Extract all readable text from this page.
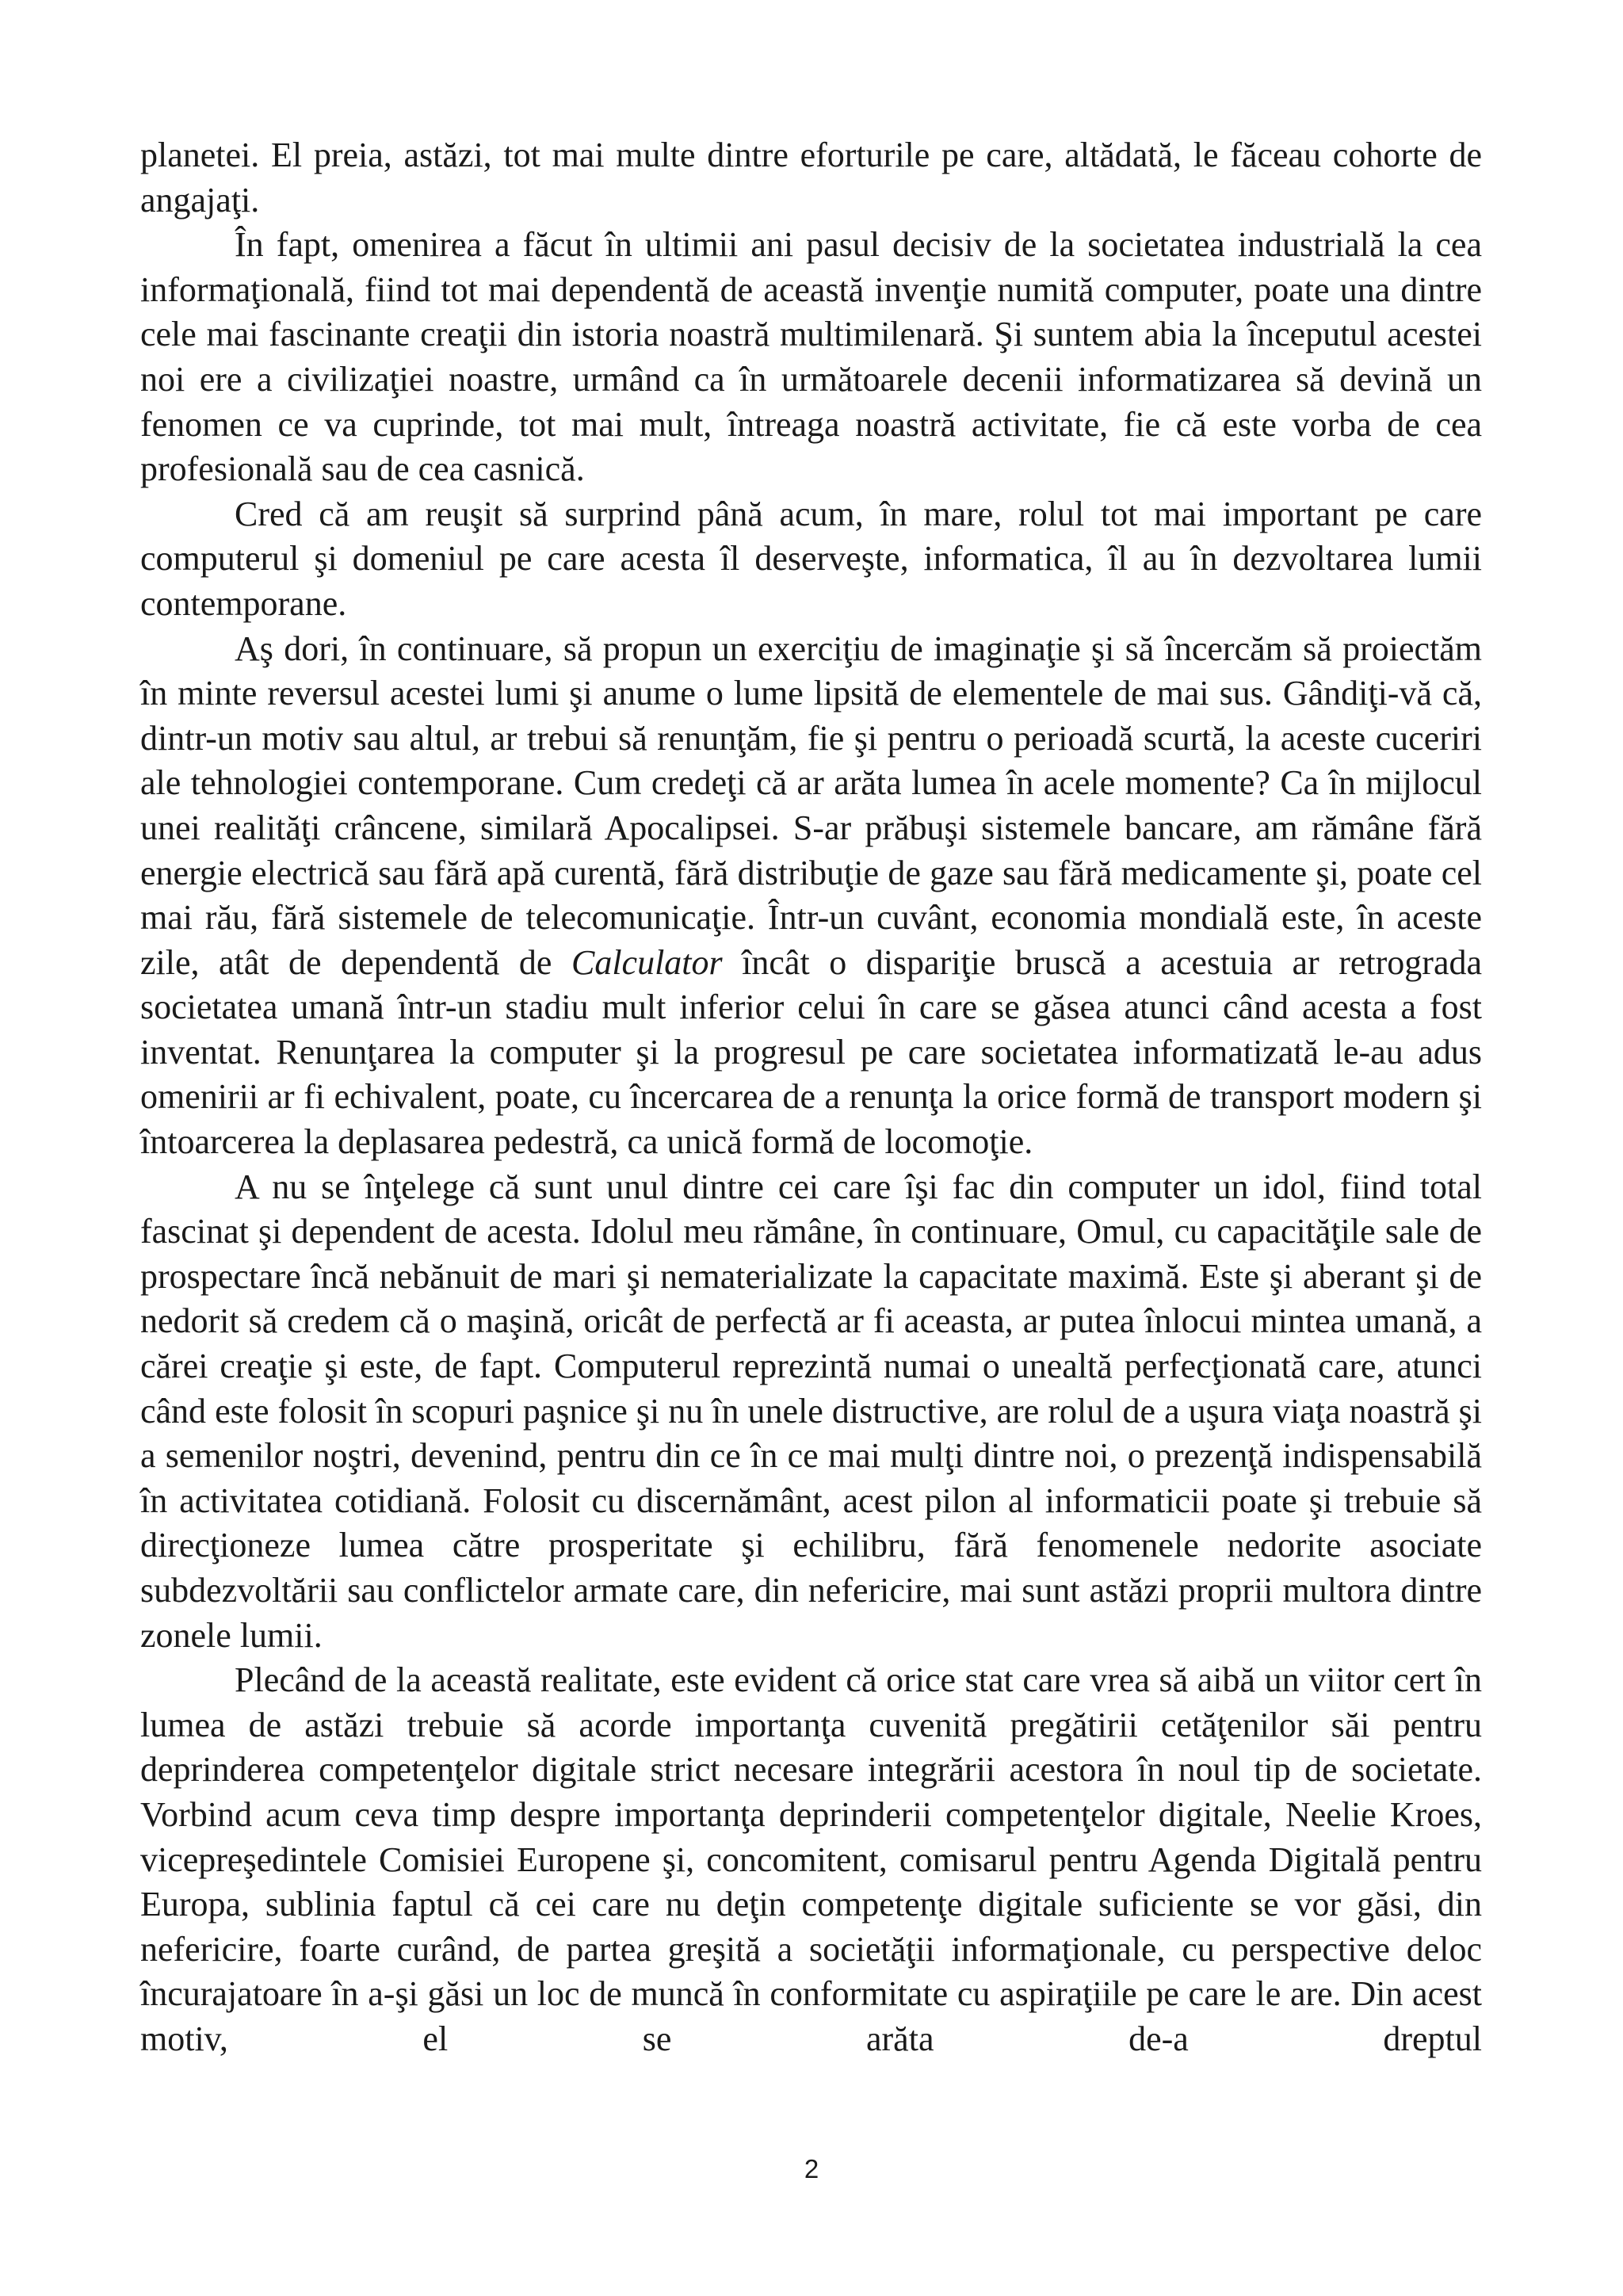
planetei. El preia, astăzi, tot mai multe dintre eforturile pe care, altădată, le făceau cohorte de angajaţi.

În fapt, omenirea a făcut în ultimii ani pasul decisiv de la societatea industrială la cea informaţională, fiind tot mai dependentă de această invenţie numită computer, poate una dintre cele mai fascinante creaţii din istoria noastră multimilenară. Şi suntem abia la începutul acestei noi ere a civilizaţiei noastre, urmând ca în următoarele decenii informatizarea să devină un fenomen ce va cuprinde, tot mai mult, întreaga noastră activitate, fie că este vorba de cea profesională sau de cea casnică.

Cred că am reuşit să surprind până acum, în mare, rolul tot mai important pe care computerul şi domeniul pe care acesta îl deserveşte, informatica, îl au în dezvoltarea lumii contemporane.

Aş dori, în continuare, să propun un exerciţiu de imaginaţie şi să încercăm să proiectăm în minte reversul acestei lumi şi anume o lume lipsită de elementele de mai sus. Gândiţi-vă că, dintr-un motiv sau altul, ar trebui să renunţăm, fie şi pentru o perioadă scurtă, la aceste cuceriri ale tehnologiei contemporane. Cum credeţi că ar arăta lumea în acele momente? Ca în mijlocul unei realităţi crâncene, similară Apocalipsei. S-ar prăbuşi sistemele bancare, am rămâne fără energie electrică sau fără apă curentă, fără distribuţie de gaze sau fără medicamente şi, poate cel mai rău, fără sistemele de telecomunicaţie. Într-un cuvânt, economia mondială este, în aceste zile, atât de dependentă de Calculator încât o dispariţie bruscă a acestuia ar retrograda societatea umană într-un stadiu mult inferior celui în care se găsea atunci când acesta a fost inventat. Renunţarea la computer şi la progresul pe care societatea informatizată le-au adus omenirii ar fi echivalent, poate, cu încercarea de a renunţa la orice formă de transport modern şi întoarcerea la deplasarea pedestră, ca unică formă de locomoţie.

A nu se înţelege că sunt unul dintre cei care îşi fac din computer un idol, fiind total fascinat şi dependent de acesta. Idolul meu rămâne, în continuare, Omul, cu capacităţile sale de prospectare încă nebănuit de mari şi nematerializate la capacitate maximă. Este şi aberant şi de nedorit să credem că o maşină, oricât de perfectă ar fi aceasta, ar putea înlocui mintea umană, a cărei creaţie şi este, de fapt. Computerul reprezintă numai o unealtă perfecţionată care, atunci când este folosit în scopuri paşnice şi nu în unele distructive, are rolul de a uşura viaţa noastră şi a semenilor noştri, devenind, pentru din ce în ce mai mulţi dintre noi, o prezenţă indispensabilă în activitatea cotidiană. Folosit cu discernământ, acest pilon al informaticii poate şi trebuie să direcţioneze lumea către prosperitate şi echilibru, fără fenomenele nedorite asociate subdezvoltării sau conflictelor armate care, din nefericire, mai sunt astăzi proprii multora dintre zonele lumii.

Plecând de la această realitate, este evident că orice stat care vrea să aibă un viitor cert în lumea de astăzi trebuie să acorde importanţa cuvenită pregătirii cetăţenilor săi pentru deprinderea competenţelor digitale strict necesare integrării acestora în noul tip de societate. Vorbind acum ceva timp despre importanţa deprinderii competenţelor digitale, Neelie Kroes, vicepreşedintele Comisiei Europene şi, concomitent, comisarul pentru Agenda Digitală pentru Europa, sublinia faptul că cei care nu deţin competenţe digitale suficiente se vor găsi, din nefericire, foarte curând, de partea greşită a societăţii informaţionale, cu perspective deloc încurajatoare în a-şi găsi un loc de muncă în conformitate cu aspiraţiile pe care le are. Din acest motiv, el se arăta de-a dreptul

2
